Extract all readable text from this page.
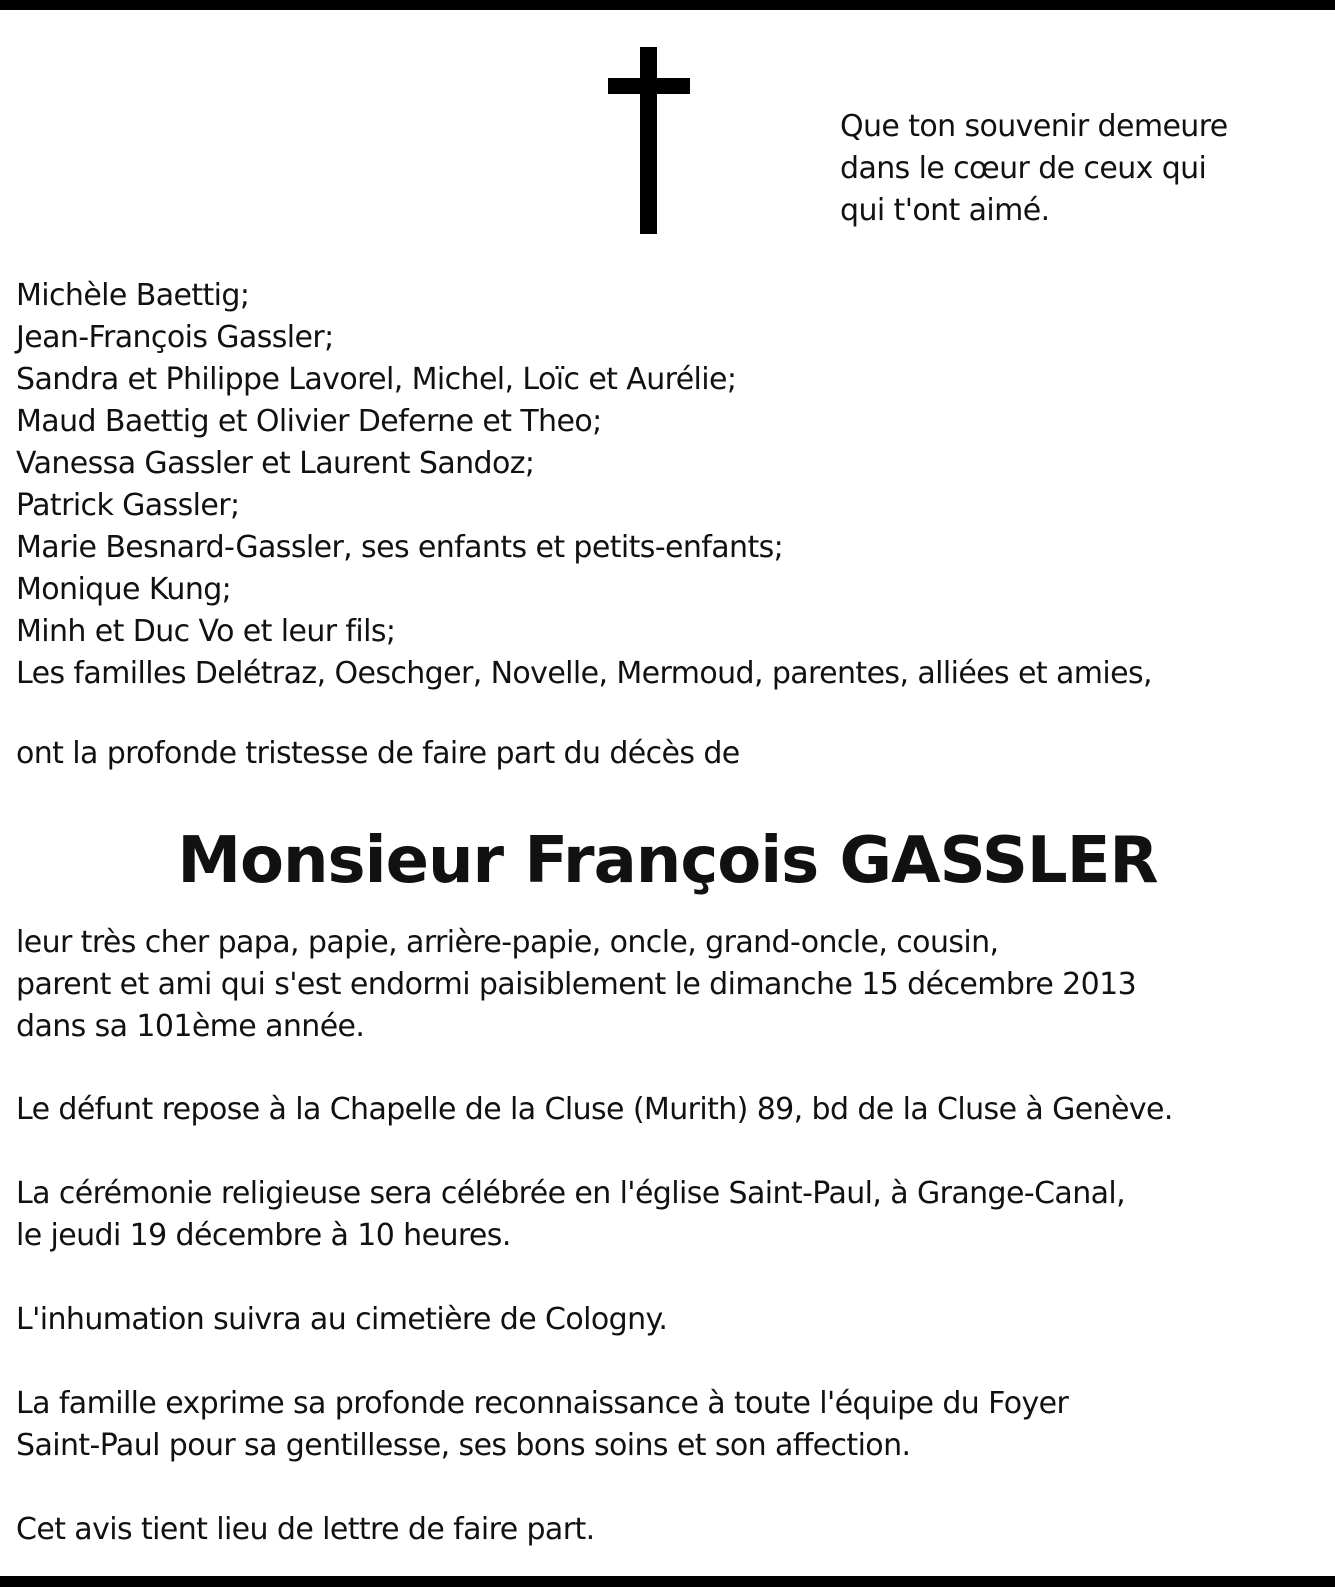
Que ton souvenir demeure
dans le cœur de ceux qui
qui t'ont aimé.
Michèle Baettig;
Jean-François Gassler;
Sandra et Philippe Lavorel, Michel, Loïc et Aurélie;
Maud Baettig et Olivier Deferne et Theo;
Vanessa Gassler et Laurent Sandoz;
Patrick Gassler;
Marie Besnard-Gassler, ses enfants et petits-enfants;
Monique Kung;
Minh et Duc Vo et leur fils;
Les familles Delétraz, Oeschger, Novelle, Mermoud, parentes, alliées et amies,
ont la profonde tristesse de faire part du décès de
Monsieur François GASSLER
leur très cher papa, papie, arrière-papie, oncle, grand-oncle, cousin,
parent et ami qui s'est endormi paisiblement le dimanche 15 décembre 2013
dans sa 101ème année.
Le défunt repose à la Chapelle de la Cluse (Murith) 89, bd de la Cluse à Genève.
La cérémonie religieuse sera célébrée en l'église Saint-Paul, à Grange-Canal,
le jeudi 19 décembre à 10 heures.
L'inhumation suivra au cimetière de Cologny.
La famille exprime sa profonde reconnaissance à toute l'équipe du Foyer
Saint-Paul pour sa gentillesse, ses bons soins et son affection.
Cet avis tient lieu de lettre de faire part.
